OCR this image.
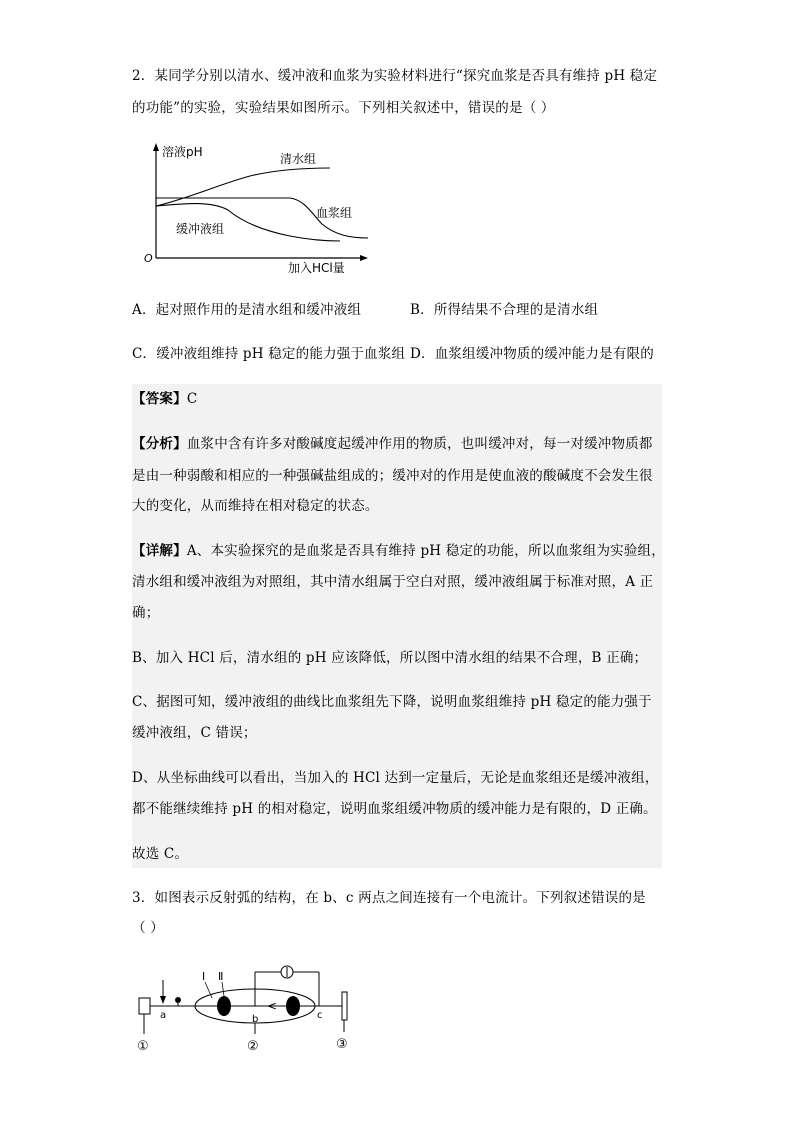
2．某同学分别以清水、缓冲液和血浆为实验材料进行“探究血浆是否具有维持 pH 稳定
的功能”的实验，实验结果如图所示。下列相关叙述中，错误的是（ ）
溶液pH	清水组
血浆组
缓冲液组
O
加入HCl量
A．起对照作用的是清水组和缓冲液组	B．所得结果不合理的是清水组
C．缓冲液组维持 pH 稳定的能力强于血浆组 D．血浆组缓冲物质的缓冲能力是有限的
【答案】C
【分析】血浆中含有许多对酸碱度起缓冲作用的物质，也叫缓冲对，每一对缓冲物质都
是由一种弱酸和相应的一种强碱盐组成的；缓冲对的作用是使血液的酸碱度不会发生很
大的变化，从而维持在相对稳定的状态。
【详解】A、本实验探究的是血浆是否具有维持 pH 稳定的功能，所以血浆组为实验组，
清水组和缓冲液组为对照组，其中清水组属于空白对照，缓冲液组属于标准对照，A 正
确；
B、加入 HCl 后，清水组的 pH 应该降低，所以图中清水组的结果不合理，B 正确；
C、据图可知，缓冲液组的曲线比血浆组先下降，说明血浆组维持 pH 稳定的能力强于
缓冲液组，C 错误；
D、从坐标曲线可以看出，当加入的 HCl 达到一定量后，无论是血浆组还是缓冲液组，
都不能继续维持 pH 的相对稳定，说明血浆组缓冲物质的缓冲能力是有限的，D 正确。
故选 C。
3．如图表示反射弧的结构，在 b、c 两点之间连接有一个电流计。下列叙述错误的是
（ ）
①
a
<
Ⅰ Ⅱ
b	c
②	③
